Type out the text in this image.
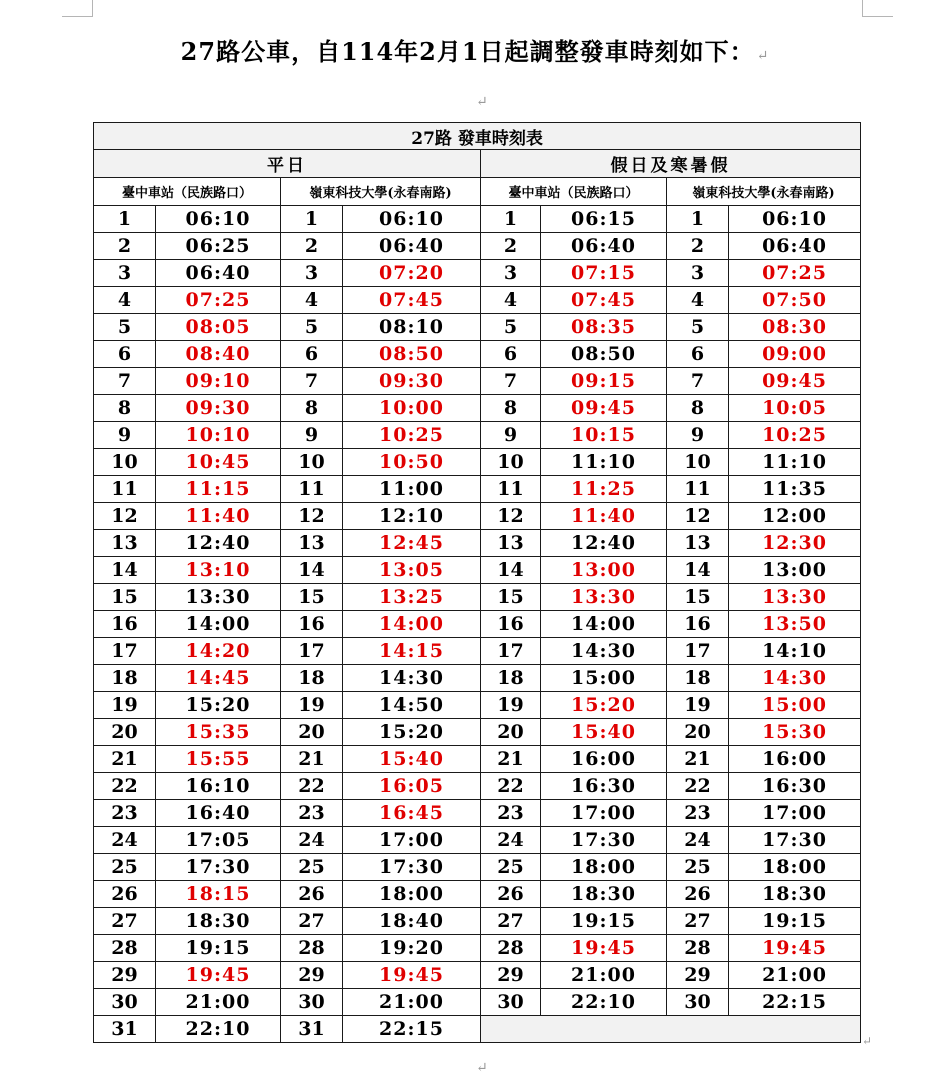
27路公車，自114年2月1日起調整發車時刻如下： ↵
↵
27路 發車時刻表							
平日				假日及寒暑假			
臺中車站（民族路口）		嶺東科技大學(永春南路)		臺中車站（民族路口）		嶺東科技大學(永春南路)	
1	06:10	1	06:10	1	06:15	1	06:10
2	06:25	2	06:40	2	06:40	2	06:40
3	06:40	3	07:20	3	07:15	3	07:25
4	07:25	4	07:45	4	07:45	4	07:50
5	08:05	5	08:10	5	08:35	5	08:30
6	08:40	6	08:50	6	08:50	6	09:00
7	09:10	7	09:30	7	09:15	7	09:45
8	09:30	8	10:00	8	09:45	8	10:05
9	10:10	9	10:25	9	10:15	9	10:25
10	10:45	10	10:50	10	11:10	10	11:10
11	11:15	11	11:00	11	11:25	11	11:35
12	11:40	12	12:10	12	11:40	12	12:00
13	12:40	13	12:45	13	12:40	13	12:30
14	13:10	14	13:05	14	13:00	14	13:00
15	13:30	15	13:25	15	13:30	15	13:30
16	14:00	16	14:00	16	14:00	16	13:50
17	14:20	17	14:15	17	14:30	17	14:10
18	14:45	18	14:30	18	15:00	18	14:30
19	15:20	19	14:50	19	15:20	19	15:00
20	15:35	20	15:20	20	15:40	20	15:30
21	15:55	21	15:40	21	16:00	21	16:00
22	16:10	22	16:05	22	16:30	22	16:30
23	16:40	23	16:45	23	17:00	23	17:00
24	17:05	24	17:00	24	17:30	24	17:30
25	17:30	25	17:30	25	18:00	25	18:00
26	18:15	26	18:00	26	18:30	26	18:30
27	18:30	27	18:40	27	19:15	27	19:15
28	19:15	28	19:20	28	19:45	28	19:45
29	19:45	29	19:45	29	21:00	29	21:00
30	21:00	30	21:00	30	22:10	30	22:15
31	22:10	31	22:15				
↵
↵
